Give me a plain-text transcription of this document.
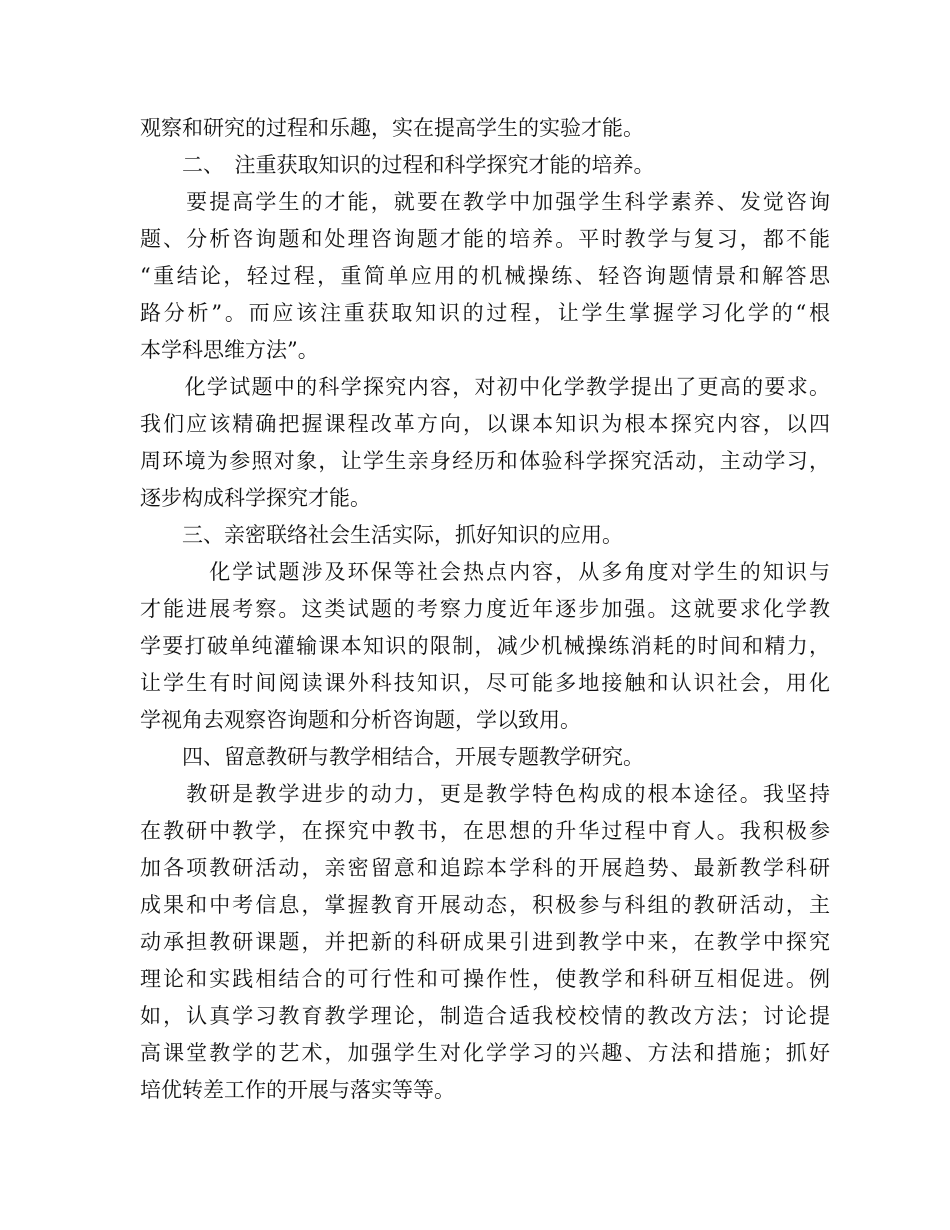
观察和研究的过程和乐趣，实在提高学生的实验才能。
　　二、　注重获取知识的过程和科学探究才能的培养。
　　要提高学生的才能，就要在教学中加强学生科学素养、发觉咨询
题、分析咨询题和处理咨询题才能的培养。平时教学与复习，都不能
“重结论，轻过程，重简单应用的机械操练、轻咨询题情景和解答思
路分析”。而应该注重获取知识的过程，让学生掌握学习化学的“根
本学科思维方法”。
　　化学试题中的科学探究内容，对初中化学教学提出了更高的要求。
我们应该精确把握课程改革方向，以课本知识为根本探究内容，以四
周环境为参照对象，让学生亲身经历和体验科学探究活动，主动学习，
逐步构成科学探究才能。
　　三、亲密联络社会生活实际，抓好知识的应用。
　　　化学试题涉及环保等社会热点内容，从多角度对学生的知识与
才能进展考察。这类试题的考察力度近年逐步加强。这就要求化学教
学要打破单纯灌输课本知识的限制，减少机械操练消耗的时间和精力，
让学生有时间阅读课外科技知识，尽可能多地接触和认识社会，用化
学视角去观察咨询题和分析咨询题，学以致用。
　　四、留意教研与教学相结合，开展专题教学研究。
　　教研是教学进步的动力，更是教学特色构成的根本途径。我坚持
在教研中教学，在探究中教书，在思想的升华过程中育人。我积极参
加各项教研活动，亲密留意和追踪本学科的开展趋势、最新教学科研
成果和中考信息，掌握教育开展动态，积极参与科组的教研活动，主
动承担教研课题，并把新的科研成果引进到教学中来，在教学中探究
理论和实践相结合的可行性和可操作性，使教学和科研互相促进。例
如，认真学习教育教学理论，制造合适我校校情的教改方法；讨论提
高课堂教学的艺术，加强学生对化学学习的兴趣、方法和措施；抓好
培优转差工作的开展与落实等等。
